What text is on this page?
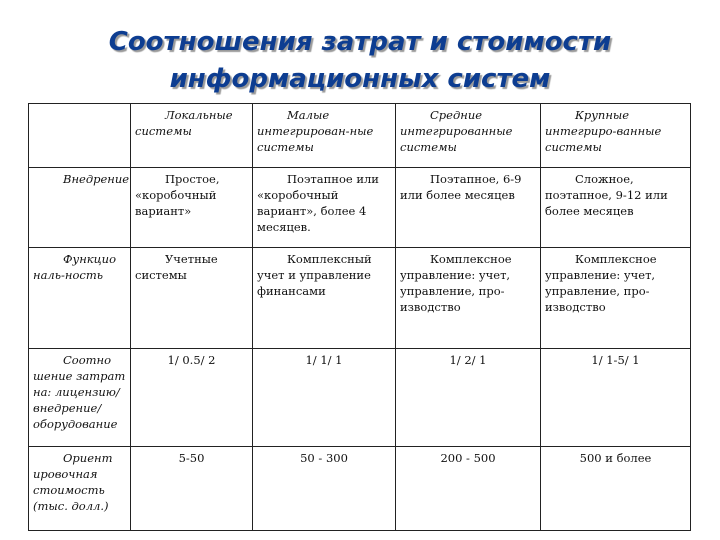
Соотношения затрат и стоимости
информационных систем
	Локальные системы	Малые интегрирован-ные системы	Средние интегрированные системы	Крупные интегриро-ванные системы
Внедрение	Простое, «коробочный вариант»	Поэтапное или «коробочный вариант», более 4 месяцев.	Поэтапное, 6-9 или более месяцев	Сложное, поэтапное, 9-12 или более месяцев
Функцио наль-ность	Учетные системы	Комплексный учет и управление финансами	Комплексное управление: учет, управление, про-изводство	Комплексное управление: учет, управление, про-изводство
Соотно шение затрат на: лицензию/ внедрение/ оборудование	1/ 0.5/ 2	1/ 1/ 1	1/ 2/ 1	1/ 1-5/ 1
Ориент ировочная стоимость (тыс. долл.)	5-50	50 - 300	200 - 500	500 и более
